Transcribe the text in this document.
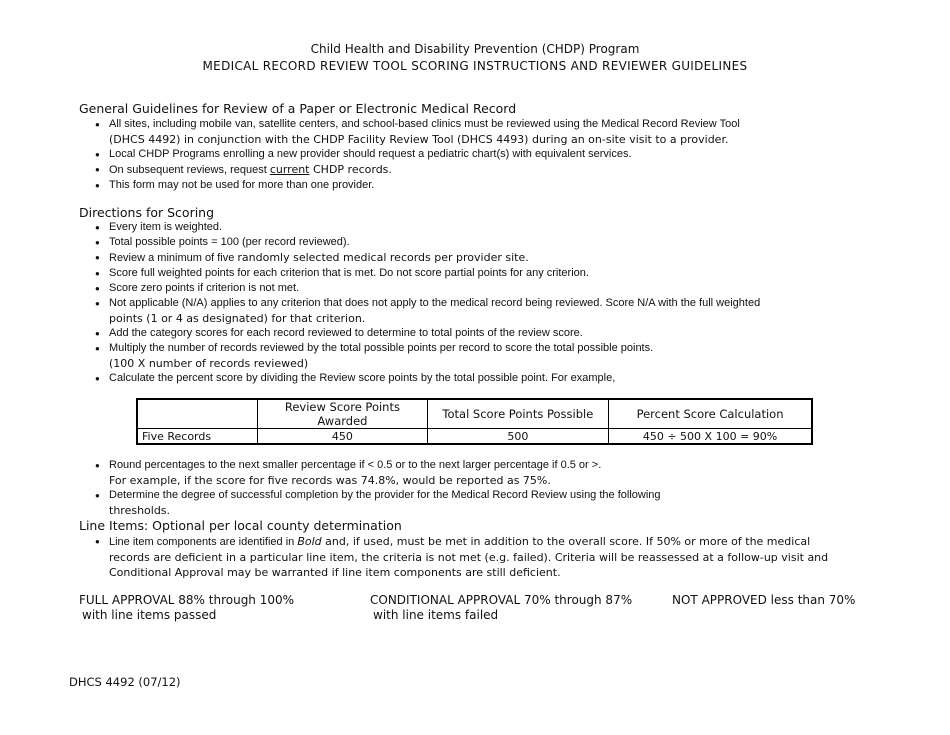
Child Health and Disability Prevention (CHDP) Program
MEDICAL RECORD REVIEW TOOL SCORING INSTRUCTIONS AND REVIEWER GUIDELINES
General Guidelines for Review of a Paper or Electronic Medical Record
● All sites, including mobile van, satellite centers, and school-based clinics must be reviewed using the Medical Record Review Tool
(DHCS 4492) in conjunction with the CHDP Facility Review Tool (DHCS 4493) during an on-site visit to a provider.
● Local CHDP Programs enrolling a new provider should request a pediatric chart(s) with equivalent services.
● On subsequent reviews, request current CHDP records.
● This form may not be used for more than one provider.
Directions for Scoring
● Every item is weighted.
● Total possible points = 100 (per record reviewed).
● Review a minimum of five randomly selected medical records per provider site.
● Score full weighted points for each criterion that is met. Do not score partial points for any criterion.
● Score zero points if criterion is not met.
● Not applicable (N/A) applies to any criterion that does not apply to the medical record being reviewed. Score N/A with the full weighted
points (1 or 4 as designated) for that criterion.
● Add the category scores for each record reviewed to determine to total points of the review score.
● Multiply the number of records reviewed by the total possible points per record to score the total possible points.
(100 X number of records reviewed)
● Calculate the percent score by dividing the Review score points by the total possible point. For example,
	Review Score Points Awarded	Total Score Points Possible	Percent Score Calculation
Five Records	450	500	450 ÷ 500 X 100 = 90%
● Round percentages to the next smaller percentage if < 0.5 or to the next larger percentage if 0.5 or >.
For example, if the score for five records was 74.8%, would be reported as 75%.
● Determine the degree of successful completion by the provider for the Medical Record Review using the following
thresholds.
Line Items: Optional per local county determination
● Line item components are identified in Bold and, if used, must be met in addition to the overall score. If 50% or more of the medical
records are deficient in a particular line item, the criteria is not met (e.g. failed). Criteria will be reassessed at a follow-up visit and
Conditional Approval may be warranted if line item components are still deficient.
FULL APPROVAL 88% through 100%
with line items passed
CONDITIONAL APPROVAL 70% through 87%
with line items failed
NOT APPROVED less than 70%
DHCS 4492 (07/12)
